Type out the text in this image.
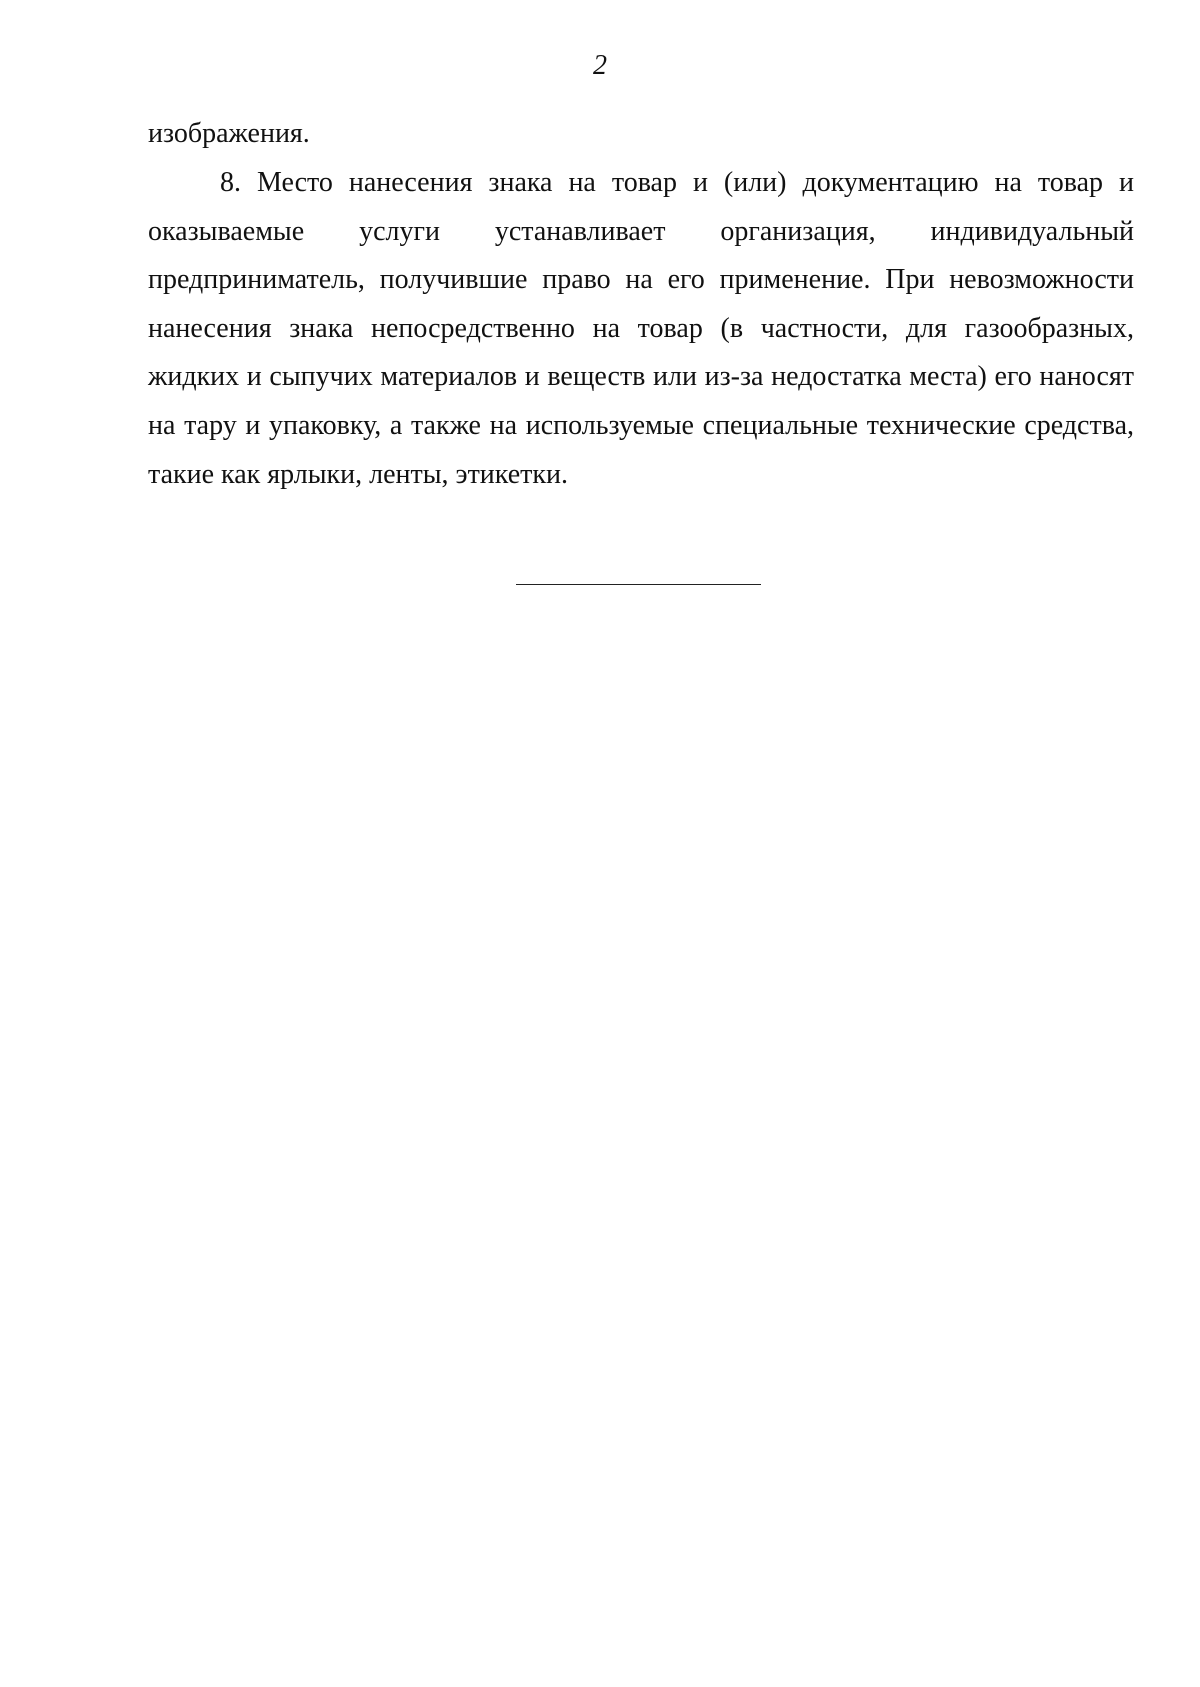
2
изображения.

8. Место нанесения знака на товар и (или) документацию на товар и оказываемые услуги устанавливает организация, индивидуальный предприниматель, получившие право на его применение. При невозможности нанесения знака непосредственно на товар (в частности, для газообразных, жидких и сыпучих материалов и веществ или из-за недостатка места) его наносят на тару и упаковку, а также на используемые специальные технические средства, такие как ярлыки, ленты, этикетки.
